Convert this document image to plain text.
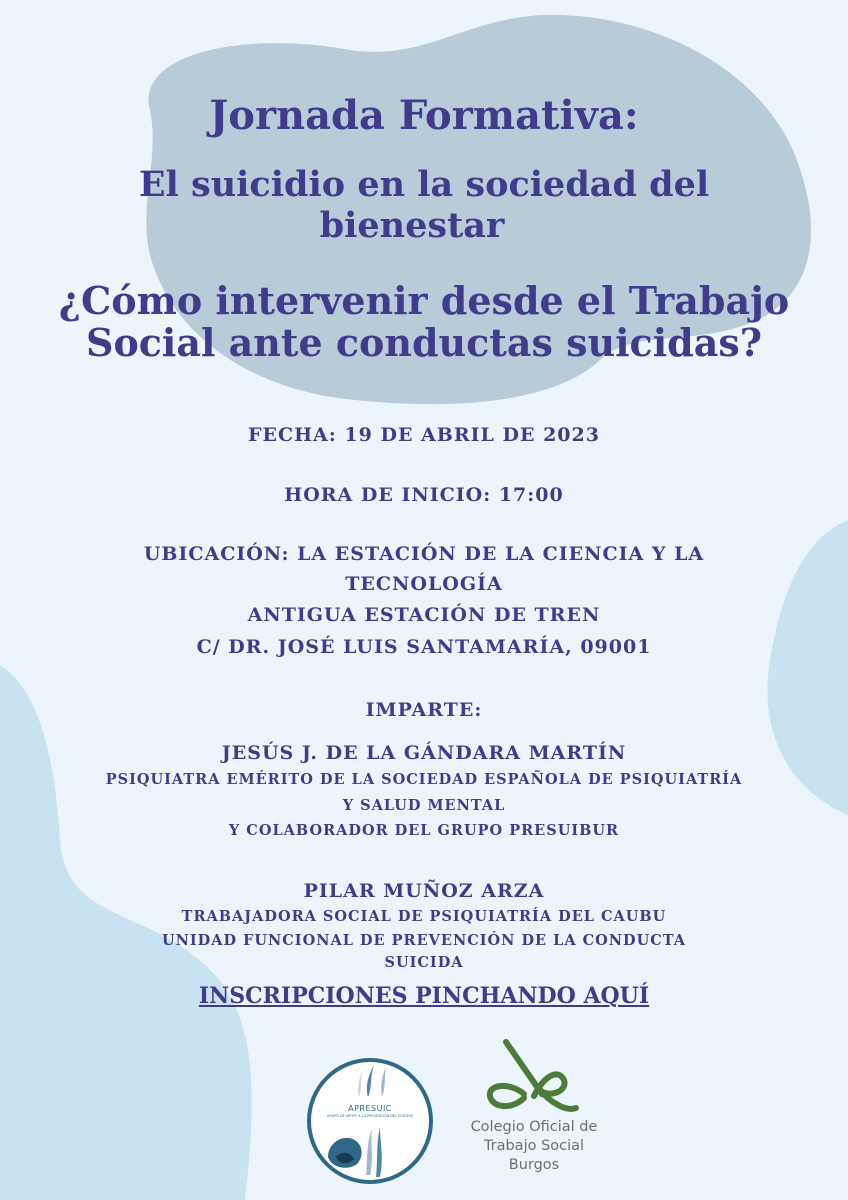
Jornada Formativa:
El suicidio en la sociedad del
bienestar
¿Cómo intervenir desde el Trabajo
Social ante conductas suicidas?
FECHA: 19 DE ABRIL DE 2023
HORA DE INICIO: 17:00
UBICACIÓN: LA ESTACIÓN DE LA CIENCIA Y LA
TECNOLOGÍA
ANTIGUA ESTACIÓN DE TREN
C/ DR. JOSÉ LUIS SANTAMARÍA, 09001
IMPARTE:
JESÚS J. DE LA GÁNDARA MARTÍN
PSIQUIATRA EMÉRITO DE LA SOCIEDAD ESPAÑOLA DE PSIQUIATRÍA
Y SALUD MENTAL
Y COLABORADOR DEL GRUPO PRESUIBUR
PILAR MUÑOZ ARZA
TRABAJADORA SOCIAL DE PSIQUIATRÍA DEL CAUBU
UNIDAD FUNCIONAL DE PREVENCIÓN DE LA CONDUCTA
SUICIDA
INSCRIPCIONES PINCHANDO AQUÍ
APRESUIC
GRUPO DE APOYO A LA PREVENCIÓN DEL SUICIDIO
Colegio Oficial de
Trabajo Social
Burgos
